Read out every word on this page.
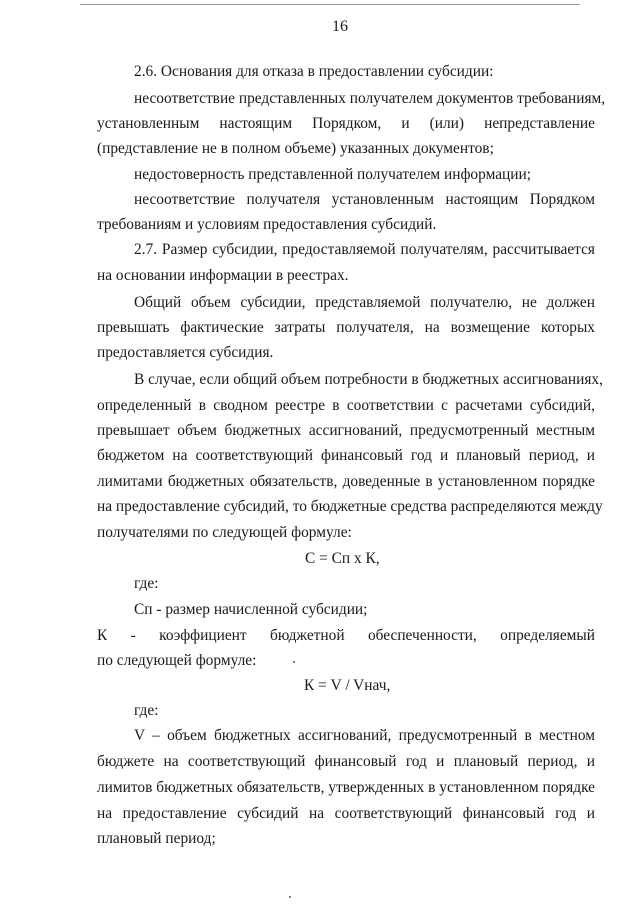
16
2.6. Основания для отказа в предоставлении субсидии:
несоответствие представленных получателем документов требованиям,
установленным настоящим Порядком, и (или) непредставление
(представление не в полном объеме) указанных документов;
недостоверность представленной получателем информации;
несоответствие получателя установленным настоящим Порядком
требованиям и условиям предоставления субсидий.
2.7. Размер субсидии, предоставляемой получателям, рассчитывается
на основании информации в реестрах.
Общий объем субсидии, представляемой получателю, не должен
превышать фактические затраты получателя, на возмещение которых
предоставляется субсидия.
В случае, если общий объем потребности в бюджетных ассигнованиях,
определенный в сводном реестре в соответствии с расчетами субсидий,
превышает объем бюджетных ассигнований, предусмотренный местным
бюджетом на соответствующий финансовый год и плановый период, и
лимитами бюджетных обязательств, доведенные в установленном порядке
на предоставление субсидий, то бюджетные средства распределяются между
получателями по следующей формуле:
С = Сп х К,
где:
Сп - размер начисленной субсидии;
К - коэффициент бюджетной обеспеченности, определяемый
по следующей формуле:
К = V / Vнач,
где:
V – объем бюджетных ассигнований, предусмотренный в местном
бюджете на соответствующий финансовый год и плановый период, и
лимитов бюджетных обязательств, утвержденных в установленном порядке
на предоставление субсидий на соответствующий финансовый год и
плановый период;
